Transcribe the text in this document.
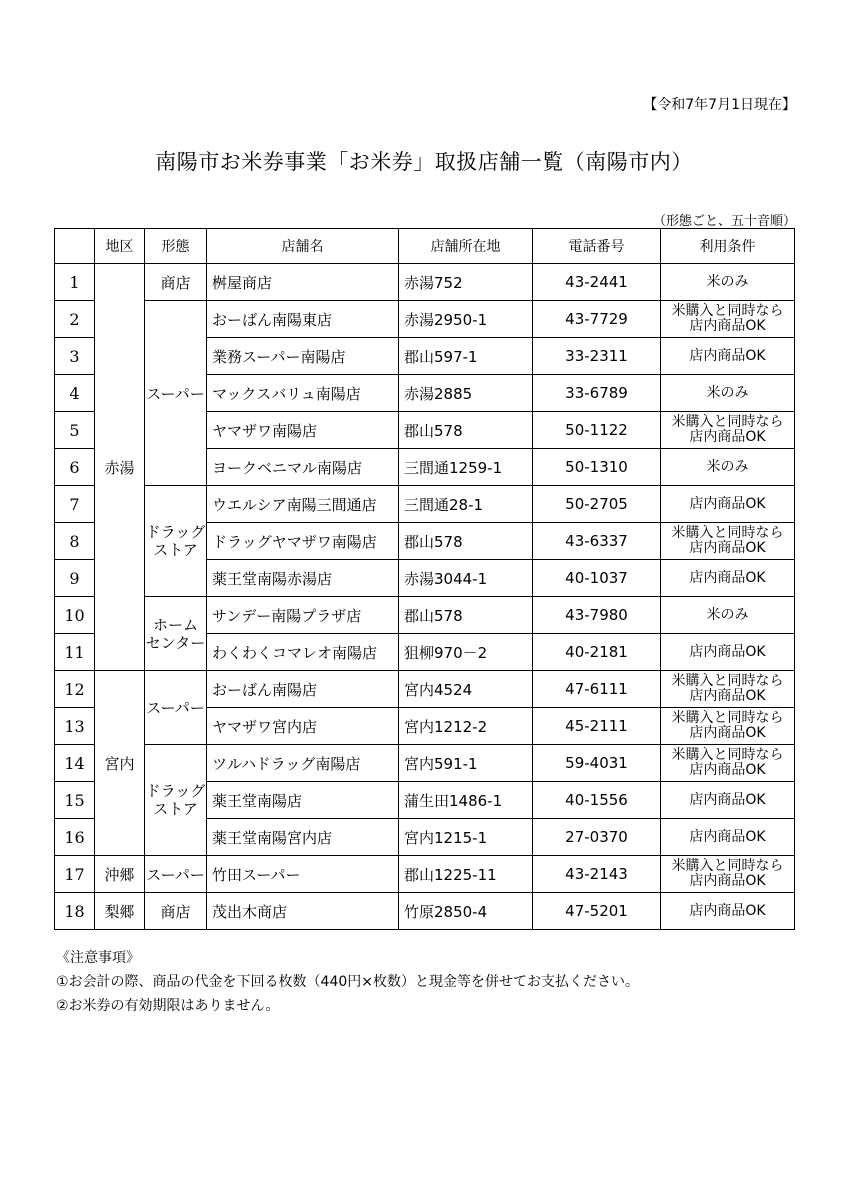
【令和7年7月1日現在】
南陽市お米券事業「お米券」取扱店舗一覧（南陽市内）
（形態ごと、五十音順）
	地区	形態	店舗名	店舗所在地	電話番号	利用条件
1	赤湯	商店	桝屋商店	赤湯752	43-2441	米のみ

2		スーパー	おーばん南陽東店	赤湯2950-1	43-7729	米購入と同時なら
店内商品OK

3			業務スーパー南陽店	郡山597-1	33-2311	店内商品OK

4			マックスバリュ南陽店	赤湯2885	33-6789	米のみ

5			ヤマザワ南陽店	郡山578	50-1122	米購入と同時なら
店内商品OK

6			ヨークベニマル南陽店	三間通1259-1	50-1310	米のみ

7		ドラッグ
ストア	ウエルシア南陽三間通店	三間通28-1	50-2705	店内商品OK

8			ドラッグヤマザワ南陽店	郡山578	43-6337	米購入と同時なら
店内商品OK

9			薬王堂南陽赤湯店	赤湯3044-1	40-1037	店内商品OK

10		ホーム
センター	サンデー南陽プラザ店	郡山578	43-7980	米のみ

11			わくわくコマレオ南陽店	狙柳970－2	40-2181	店内商品OK

12	宮内	スーパー	おーばん南陽店	宮内4524	47-6111	米購入と同時なら
店内商品OK

13			ヤマザワ宮内店	宮内1212-2	45-2111	米購入と同時なら
店内商品OK

14		ドラッグ
ストア	ツルハドラッグ南陽店	宮内591-1	59-4031	米購入と同時なら
店内商品OK

15			薬王堂南陽店	蒲生田1486-1	40-1556	店内商品OK

16			薬王堂南陽宮内店	宮内1215-1	27-0370	店内商品OK

17	沖郷	スーパー	竹田スーパー	郡山1225-11	43-2143	米購入と同時なら
店内商品OK

18	梨郷	商店	茂出木商店	竹原2850-4	47-5201	店内商品OK
《注意事項》
①お会計の際、商品の代金を下回る枚数（440円×枚数）と現金等を併せてお支払ください。
②お米券の有効期限はありません。
